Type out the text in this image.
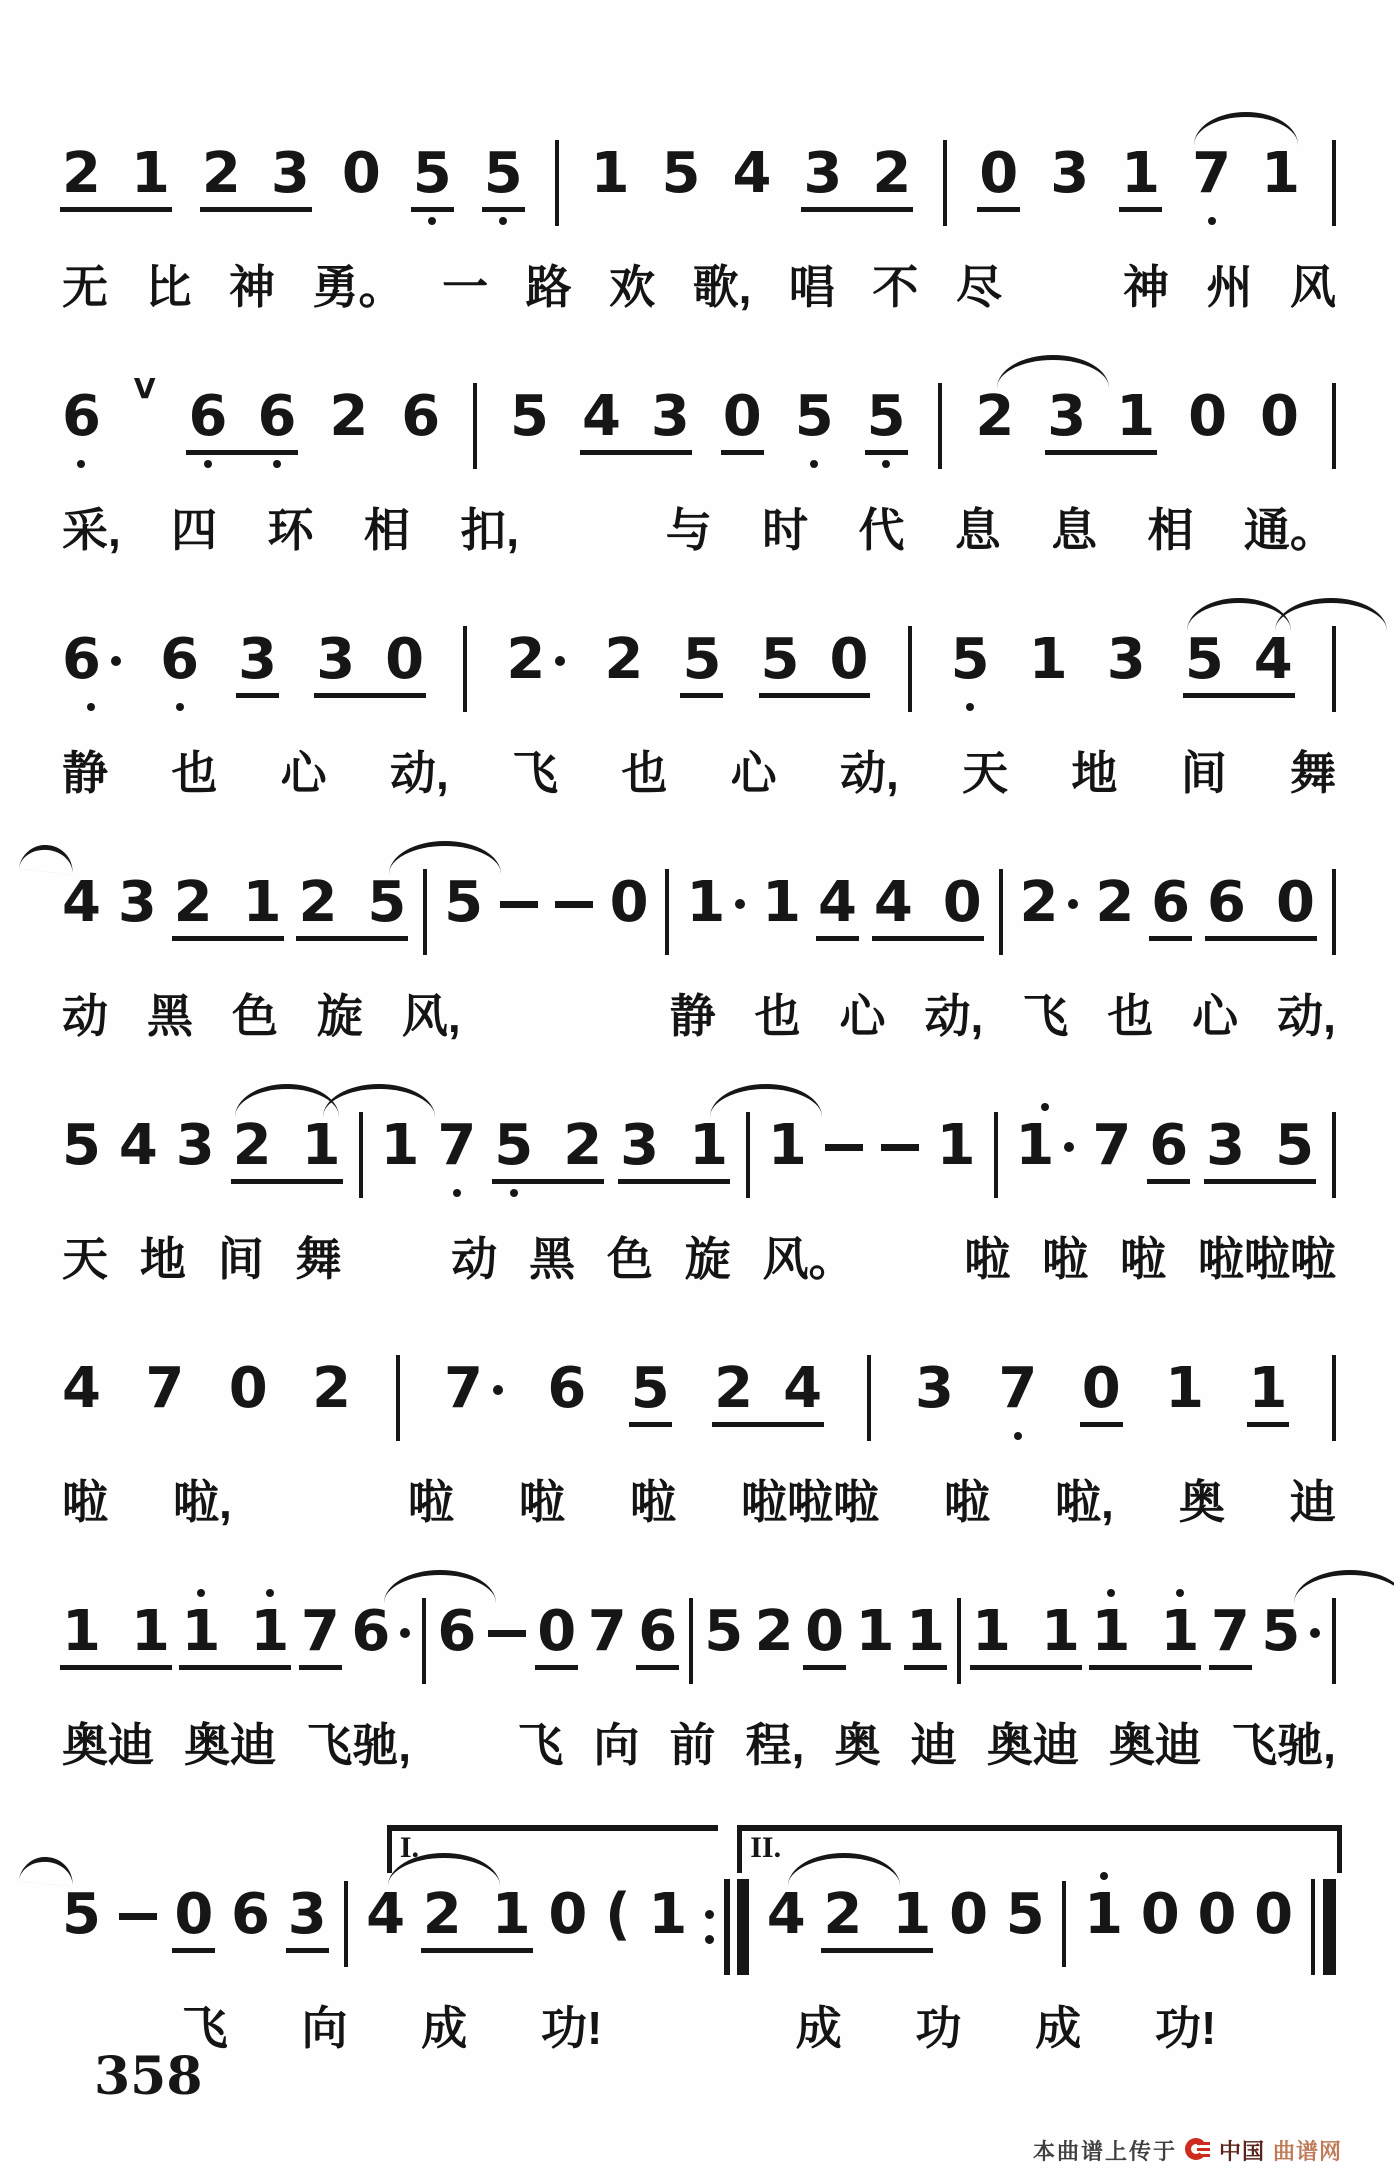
2 1 2 3 0 5 5 1 5 4 3 2 0 3 1 7 1
无 比 神 勇。 一 路 欢 歌, 唱 不 尽	神 州 风
6 V 6 6 2 6 5 4 3 0 5 5 2 3 1 0 0
采, 四 环 相 扣,	与 时 代 息 息 相 通。
6 6 3 3 0 2 2 5 5 0 5 1 3 5 4
静 也 心 动, 飞 也 心 动, 天 地 间 舞
4 3 2 1 2 5 5 0 1 1 4 4 0 2 2 6 6 0
动 黑 色 旋 风,	静 也 心 动, 飞 也 心 动,
5 4 3 2 1 1 7 5 2 3 1 1 1 1 7 6 3 5
天 地 间 舞 动 黑 色 旋 风。 啦 啦 啦 啦啦啦
4 7 0 2 7 6 5 2 4 3 7 0 1 1
啦 啦,	啦 啦 啦 啦啦啦 啦 啦, 奥 迪
1 1 1 1 7 6 6 0 7 6 5 2 0 1 1 1 1 1 1 7 5
奥迪 奥迪 飞驰, 飞 向 前 程, 奥 迪 奥迪 奥迪 飞驰,
5 0 6 3 4 2 1 0 ( 1 4 2 1 0 5 1 0 0 0
I.	II.
飞 向 成 功!	成 功 成 功!
358
本曲谱上传于 中国 曲谱网
